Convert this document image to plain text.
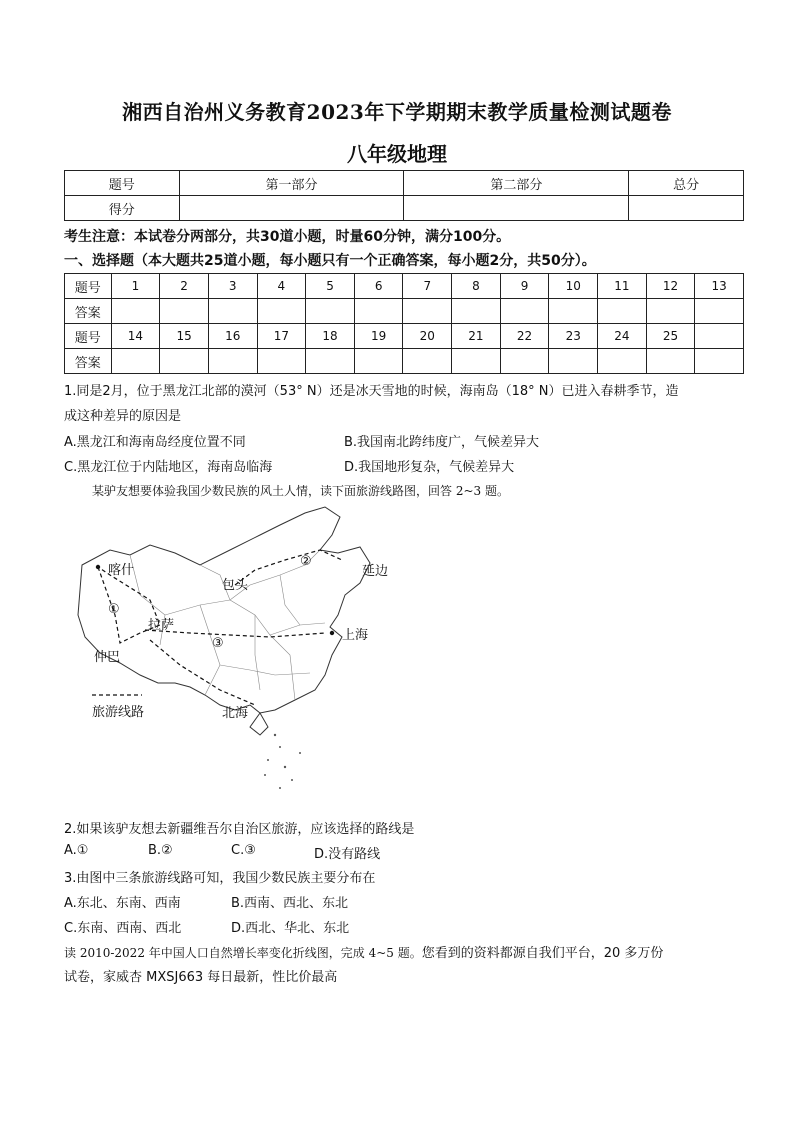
湘西自治州义务教育2023年下学期期末教学质量检测试题卷
八年级地理
题号	第一部分	第二部分	总分
得分			
考生注意：本试卷分两部分，共30道小题，时量60分钟，满分100分。
一、选择题（本大题共25道小题，每小题只有一个正确答案，每小题2分，共50分）。
题号	1	2	3	4	5	6	7	8	9	10	11	12	13
答案													
题号	14	15	16	17	18	19	20	21	22	23	24	25	
答案													
1.同是2月，位于黑龙江北部的漠河（53° N）还是冰天雪地的时候，海南岛（18° N）已进入春耕季节，造
成这种差异的原因是
A.黑龙江和海南岛经度位置不同	B.我国南北跨纬度广，气候差异大
C.黑龙江位于内陆地区，海南岛临海	D.我国地形复杂，气候差异大
某驴友想要体验我国少数民族的风土人情，读下面旅游线路图，回答 2~3 题。
喀什
包头
延边
拉萨
上海
仲巴
北海
①
②
③
旅游线路
2.如果该驴友想去新疆维吾尔自治区旅游，应该选择的路线是
A.①	B.②	C.③	D.没有路线
3.由图中三条旅游线路可知，我国少数民族主要分布在
A.东北、东南、西南	B.西南、西北、东北
C.东南、西南、西北	D.西北、华北、东北
读 2010-2022 年中国人口自然增长率变化折线图，完成 4~5 题。您看到的资料都源自我们平台，20 多万份
试卷，家威杏 MXSJ663 每日最新，性比价最高
